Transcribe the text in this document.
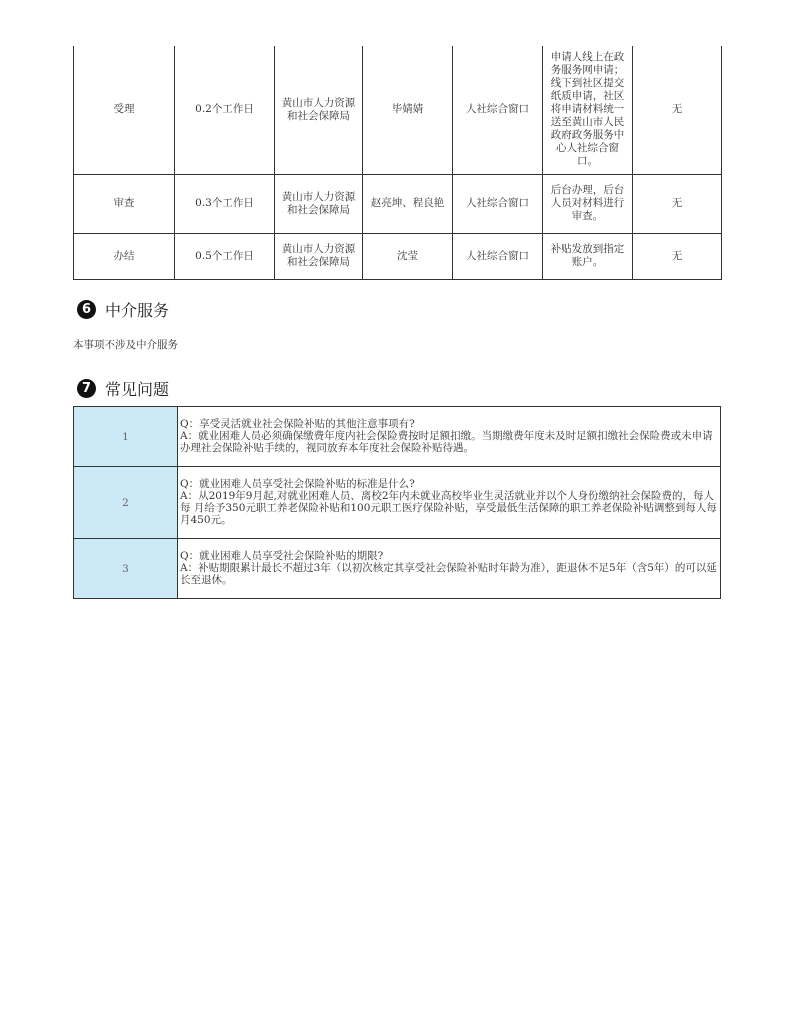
受理	0.2个工作日	黄山市人力资源和社会保障局	毕婧婧	人社综合窗口	申请人线上在政务服务网申请；线下到社区提交纸质申请，社区将申请材料统一送至黄山市人民政府政务服务中心人社综合窗口。	无
审查	0.3个工作日	黄山市人力资源和社会保障局	赵亮坤、程良艳	人社综合窗口	后台办理，后台人员对材料进行审查。	无
办结	0.5个工作日	黄山市人力资源和社会保障局	沈莹	人社综合窗口	补贴发放到指定账户。	无
6 中介服务
本事项不涉及中介服务
7 常见问题
1	Q：享受灵活就业社会保险补贴的其他注意事项有?
A：就业困难人员必须确保缴费年度内社会保险费按时足额扣缴。当期缴费年度未及时足额扣缴社会保险费或未申请办理社会保险补贴手续的，视同放弃本年度社会保险补贴待遇。

2	Q：就业困难人员享受社会保险补贴的标准是什么?
A：从2019年9月起,对就业困难人员、离校2年内未就业高校毕业生灵活就业并以个人身份缴纳社会保险费的，每人每 月给予350元职工养老保险补贴和100元职工医疗保险补贴，享受最低生活保障的职工养老保险补贴调整到每人每月450元。

3	Q：就业困难人员享受社会保险补贴的期限?
A：补贴期限累计最长不超过3年（以初次核定其享受社会保险补贴时年龄为准），距退休不足5年（含5年）的可以延长至退休。
